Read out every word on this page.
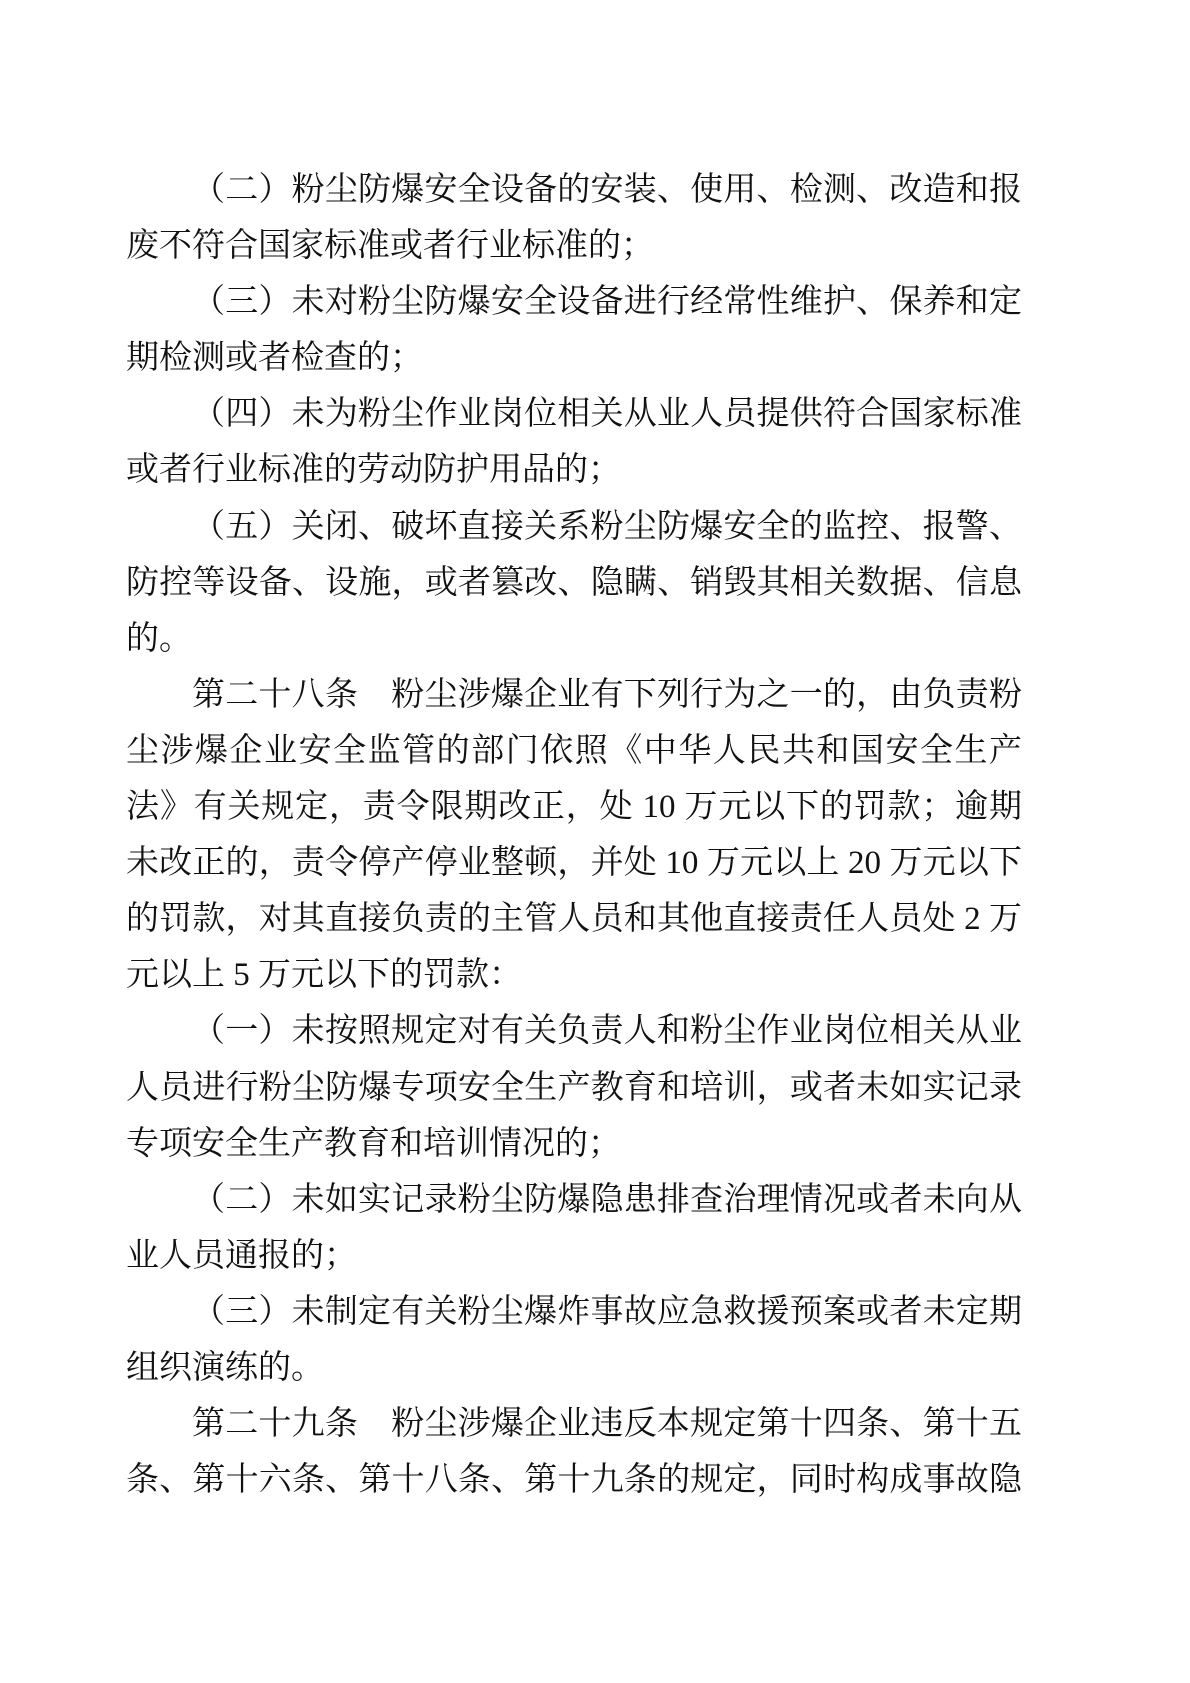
（二）粉尘防爆安全设备的安装、使用、检测、改造和报
废不符合国家标准或者行业标准的；
（三）未对粉尘防爆安全设备进行经常性维护、保养和定
期检测或者检查的；
（四）未为粉尘作业岗位相关从业人员提供符合国家标准
或者行业标准的劳动防护用品的；
（五）关闭、破坏直接关系粉尘防爆安全的监控、报警、
防控等设备、设施，或者篡改、隐瞒、销毁其相关数据、信息
的。
第二十八条　粉尘涉爆企业有下列行为之一的，由负责粉
尘涉爆企业安全监管的部门依照《中华人民共和国安全生产
法》有关规定，责令限期改正，处 10 万元以下的罚款；逾期
未改正的，责令停产停业整顿，并处 10 万元以上 20 万元以下
的罚款，对其直接负责的主管人员和其他直接责任人员处 2 万
元以上 5 万元以下的罚款：
（一）未按照规定对有关负责人和粉尘作业岗位相关从业
人员进行粉尘防爆专项安全生产教育和培训，或者未如实记录
专项安全生产教育和培训情况的；
（二）未如实记录粉尘防爆隐患排查治理情况或者未向从
业人员通报的；
（三）未制定有关粉尘爆炸事故应急救援预案或者未定期
组织演练的。
第二十九条　粉尘涉爆企业违反本规定第十四条、第十五
条、第十六条、第十八条、第十九条的规定，同时构成事故隐
